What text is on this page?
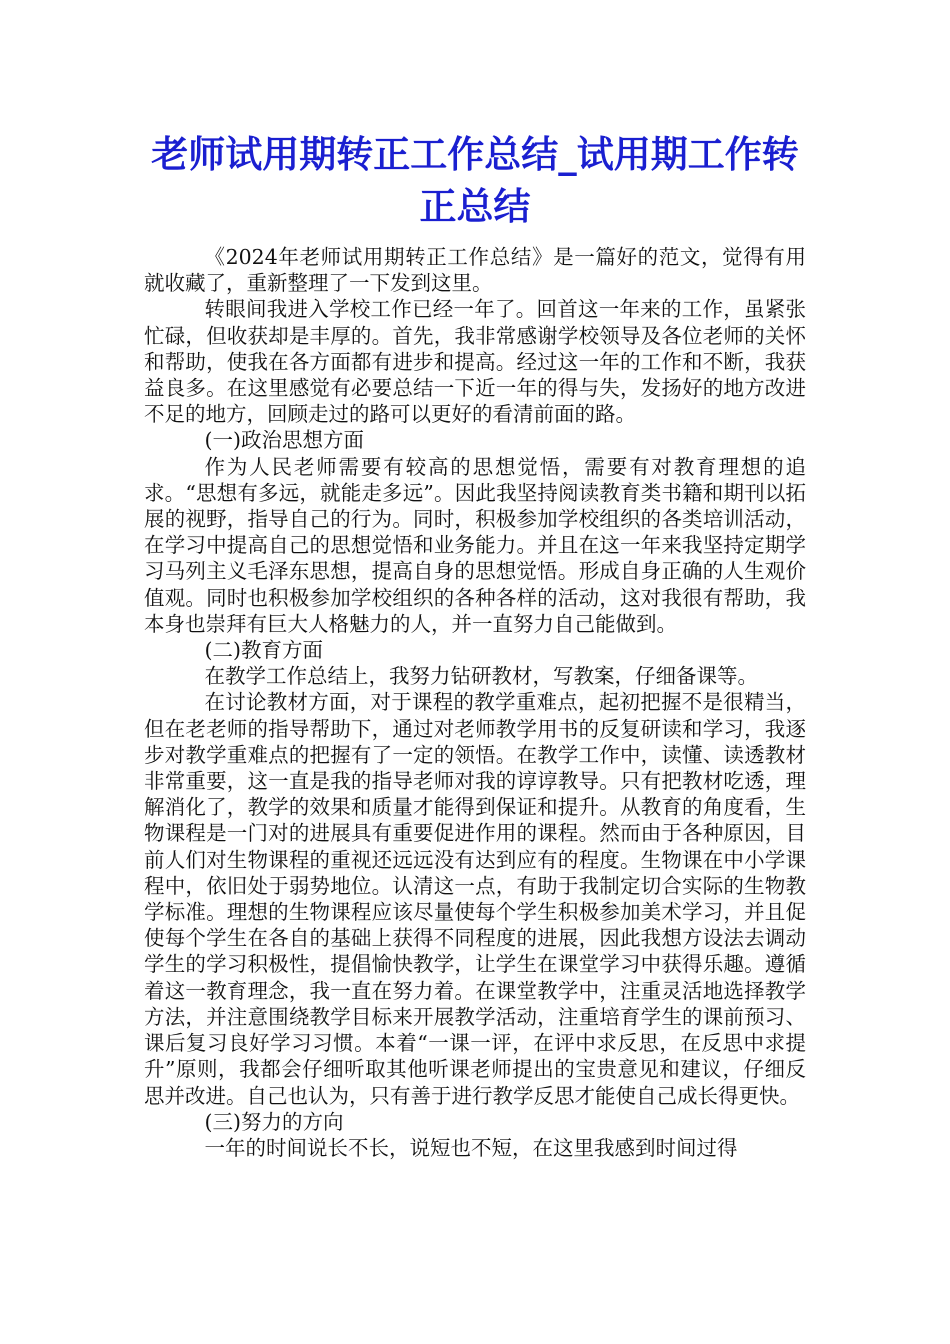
老师试用期转正工作总结_试用期工作转正总结

《2024年老师试用期转正工作总结》是一篇好的范文，觉得有用就收藏了，重新整理了一下发到这里。

转眼间我进入学校工作已经一年了。回首这一年来的工作，虽紧张忙碌，但收获却是丰厚的。首先，我非常感谢学校领导及各位老师的关怀和帮助，使我在各方面都有进步和提高。经过这一年的工作和不断，我获益良多。在这里感觉有必要总结一下近一年的得与失，发扬好的地方改进不足的地方，回顾走过的路可以更好的看清前面的路。

(一)政治思想方面

作为人民老师需要有较高的思想觉悟，需要有对教育理想的追求。“思想有多远，就能走多远”。因此我坚持阅读教育类书籍和期刊以拓展的视野，指导自己的行为。同时，积极参加学校组织的各类培训活动，在学习中提高自己的思想觉悟和业务能力。并且在这一年来我坚持定期学习马列主义毛泽东思想，提高自身的思想觉悟。形成自身正确的人生观价值观。同时也积极参加学校组织的各种各样的活动，这对我很有帮助，我本身也崇拜有巨大人格魅力的人，并一直努力自己能做到。

(二)教育方面

在教学工作总结上，我努力钻研教材，写教案，仔细备课等。

在讨论教材方面，对于课程的教学重难点，起初把握不是很精当，但在老老师的指导帮助下，通过对老师教学用书的反复研读和学习，我逐步对教学重难点的把握有了一定的领悟。在教学工作中，读懂、读透教材非常重要，这一直是我的指导老师对我的谆谆教导。只有把教材吃透，理解消化了，教学的效果和质量才能得到保证和提升。从教育的角度看，生物课程是一门对的进展具有重要促进作用的课程。然而由于各种原因，目前人们对生物课程的重视还远远没有达到应有的程度。生物课在中小学课程中，依旧处于弱势地位。认清这一点，有助于我制定切合实际的生物教学标准。理想的生物课程应该尽量使每个学生积极参加美术学习，并且促使每个学生在各自的基础上获得不同程度的进展，因此我想方设法去调动学生的学习积极性，提倡愉快教学，让学生在课堂学习中获得乐趣。遵循着这一教育理念，我一直在努力着。在课堂教学中，注重灵活地选择教学方法，并注意围绕教学目标来开展教学活动，注重培育学生的课前预习、课后复习良好学习习惯。本着“一课一评，在评中求反思，在反思中求提升”原则，我都会仔细听取其他听课老师提出的宝贵意见和建议，仔细反思并改进。自己也认为，只有善于进行教学反思才能使自己成长得更快。

(三)努力的方向

一年的时间说长不长，说短也不短，在这里我感到时间过得
